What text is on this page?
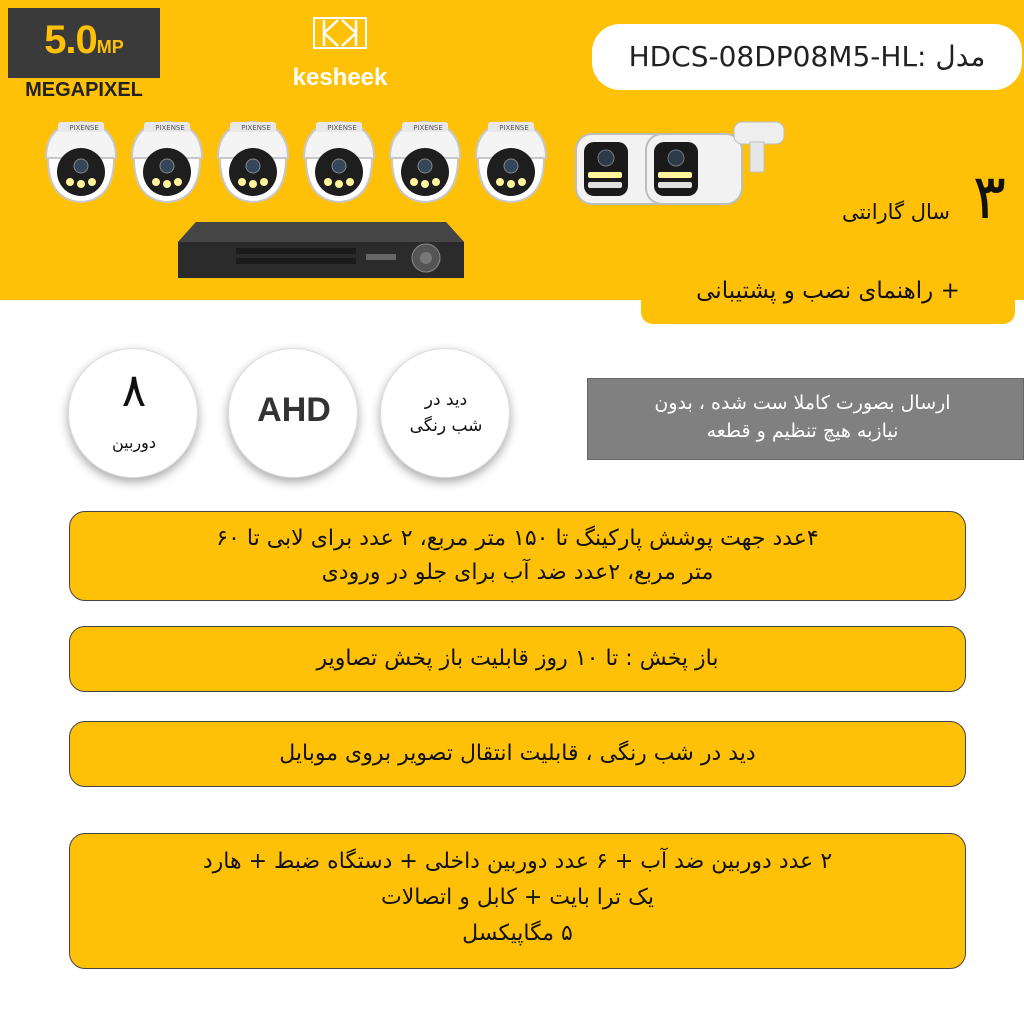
5.0MP
MEGAPIXEL	kesheek
مدل :HDCS-08DP08M5-HL
PIXENSE	PIXENSE	PIXENSE	PIXENSE	PIXENSE	PIXENSE
۳
سال گارانتی
+ راهنمای نصب و پشتیبانی
دید در
شب رنگی
AHD
۸
دوربین
ارسال بصورت کاملا ست شده ، بدون
نیازبه هیچ تنظیم و قطعه
۴عدد جهت پوشش پارکینگ تا ۱۵۰ متر مربع، ۲ عدد برای لابی تا ۶۰
متر مربع، ۲عدد ضد آب برای جلو در ورودی
باز پخش : تا ۱۰ روز قابلیت باز پخش تصاویر
دید در شب رنگی ، قابلیت انتقال تصویر بروی موبایل
۲ عدد دوربین ضد آب + ۶ عدد دوربین داخلی + دستگاه ضبط + هارد
یک ترا بایت + کابل و اتصالات
۵ مگاپیکسل
